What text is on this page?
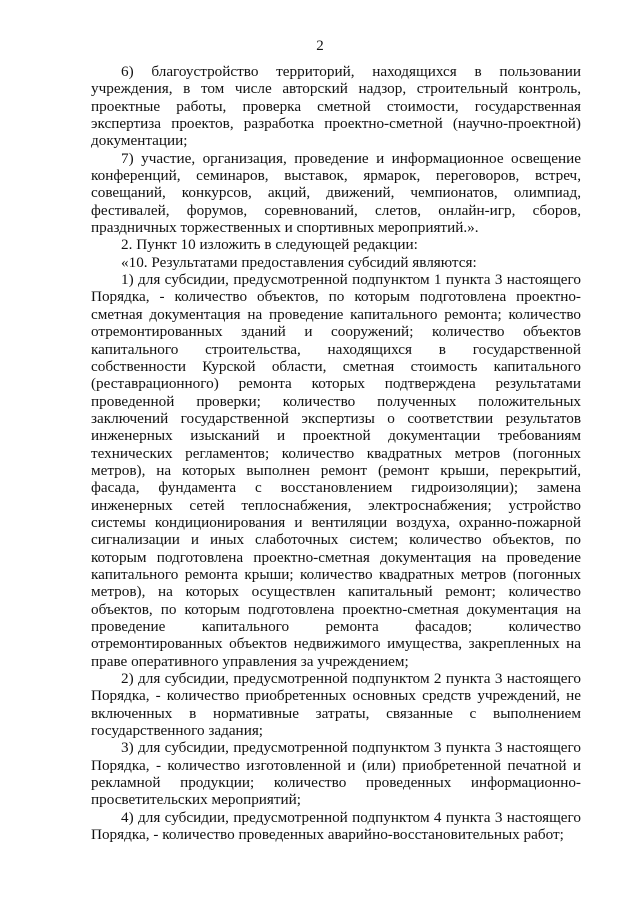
2

6) благоустройство территорий, находящихся в пользовании учреждения, в том числе авторский надзор, строительный контроль, проектные работы, проверка сметной стоимости, государственная экспертиза проектов, разработка проектно-сметной (научно-проектной) документации;

7) участие, организация, проведение и информационное освещение конференций, семинаров, выставок, ярмарок, переговоров, встреч, совещаний, конкурсов, акций, движений, чемпионатов, олимпиад, фестивалей, форумов, соревнований, слетов, онлайн-игр, сборов, праздничных торжественных и спортивных мероприятий.».

2. Пункт 10 изложить в следующей редакции:

«10. Результатами предоставления субсидий являются:

1) для субсидии, предусмотренной подпунктом 1 пункта 3 настоящего Порядка, - количество объектов, по которым подготовлена проектно-сметная документация на проведение капитального ремонта; количество отремонтированных зданий и сооружений; количество объектов капитального строительства, находящихся в государственной собственности Курской области, сметная стоимость капитального (реставрационного) ремонта которых подтверждена результатами проведенной проверки; количество полученных положительных заключений государственной экспертизы о соответствии результатов инженерных изысканий и проектной документации требованиям технических регламентов; количество квадратных метров (погонных метров), на которых выполнен ремонт (ремонт крыши, перекрытий, фасада, фундамента с восстановлением гидроизоляции); замена инженерных сетей теплоснабжения, электроснабжения; устройство системы кондиционирования и вентиляции воздуха, охранно-пожарной сигнализации и иных слаботочных систем; количество объектов, по которым подготовлена проектно-сметная документация на проведение капитального ремонта крыши; количество квадратных метров (погонных метров), на которых осуществлен капитальный ремонт; количество объектов, по которым подготовлена проектно-сметная документация на проведение капитального ремонта фасадов; количество отремонтированных объектов недвижимого имущества, закрепленных на праве оперативного управления за учреждением;

2) для субсидии, предусмотренной подпунктом 2 пункта 3 настоящего Порядка, - количество приобретенных основных средств учреждений, не включенных в нормативные затраты, связанные с выполнением государственного задания;

3) для субсидии, предусмотренной подпунктом 3 пункта 3 настоящего Порядка, - количество изготовленной и (или) приобретенной печатной и рекламной продукции; количество проведенных информационно-просветительских мероприятий;

4) для субсидии, предусмотренной подпунктом 4 пункта 3 настоящего Порядка, - количество проведенных аварийно-восстановительных работ;
